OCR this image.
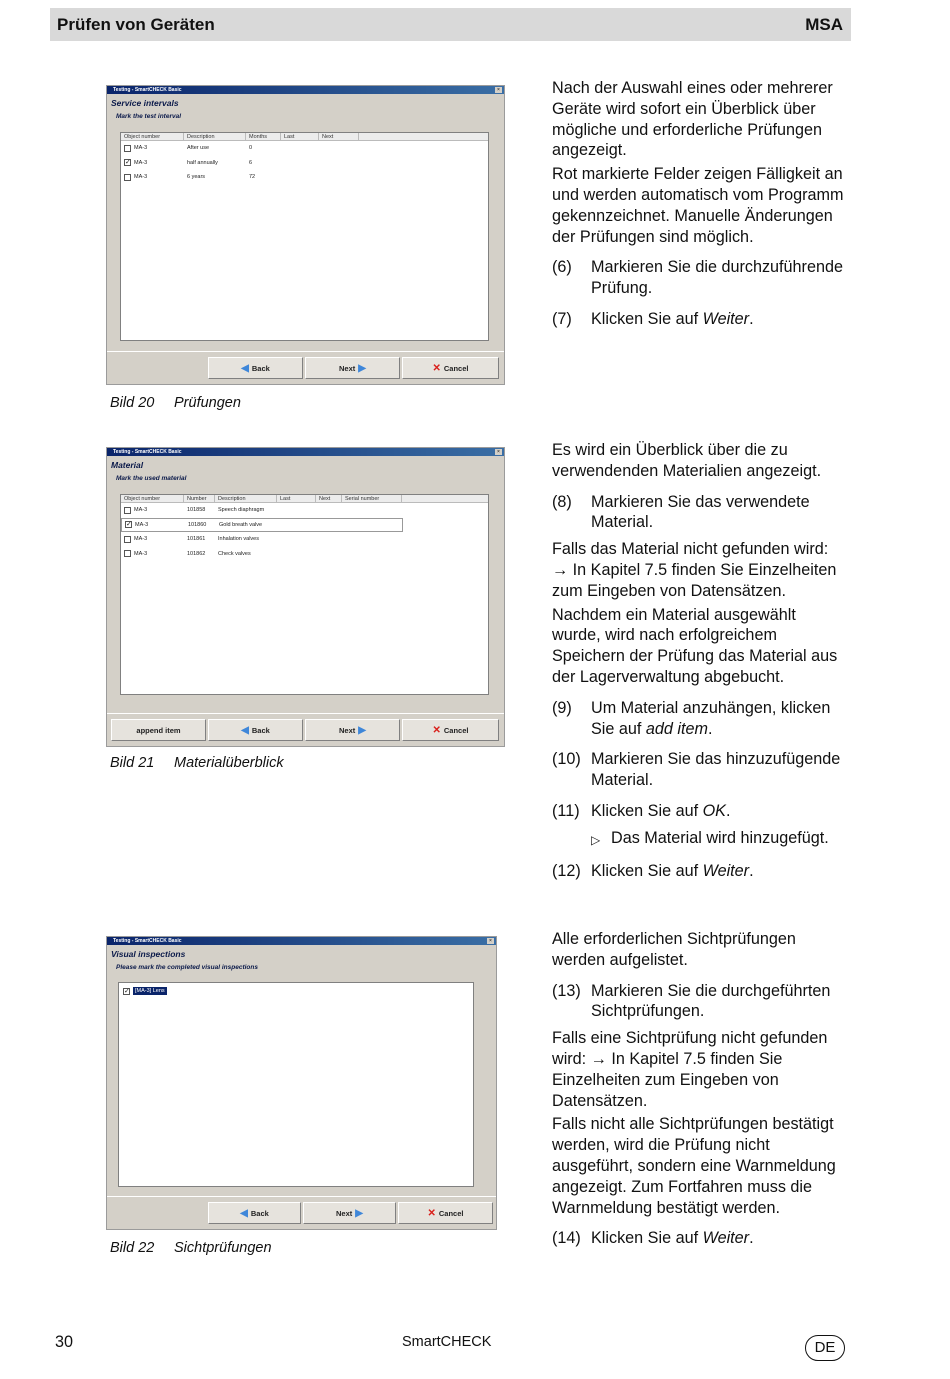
Prüfen von Geräten	MSA
Testing - SmartCHECK Basic	×
Service intervals
Mark the test interval
Object number	Description	Months	Last	Next
MA-3	After use	0
✓ MA-3	half annually	6
MA-3	6 years	72
◀ Back	Next ▶	✕ Cancel
Bild 20 Prüfungen

Nach der Auswahl eines oder mehrerer Geräte wird sofort ein Überblick über mögliche und erforderliche Prüfungen angezeigt.

Rot markierte Felder zeigen Fälligkeit an und werden automatisch vom Programm gekennzeichnet. Manuelle Änderungen der Prüfungen sind möglich.

(6)	Markieren Sie die durchzuführende Prüfung.
(7)	Klicken Sie auf Weiter.
Testing - SmartCHECK Basic	×
Material
Mark the used material
Object number	Number	Description	Last	Next	Serial number
MA-3	101858	Speech diaphragm
✓ MA-3	101860	Gold breath valve
MA-3	101861	Inhalation valves
MA-3	101862	Check valves
append item	◀ Back	Next ▶	✕ Cancel
Bild 21 Materialüberblick

Es wird ein Überblick über die zu verwendenden Materialien angezeigt.

(8)	Markieren Sie das verwendete Material.

Falls das Material nicht gefunden wird: → In Kapitel 7.5 finden Sie Einzelheiten zum Eingeben von Datensätzen.

Nachdem ein Material ausgewählt wurde, wird nach erfolgreichem Speichern der Prüfung das Material aus der Lagerverwaltung abgebucht.

(9)	Um Material anzuhängen, klicken Sie auf add item.
(10) Markieren Sie das hinzuzufügende Material.
(11) Klicken Sie auf OK.
▷ Das Material wird hinzugefügt.
(12) Klicken Sie auf Weiter.
Testing - SmartCHECK Basic	×
Visual inspections
Please mark the completed visual inspections
✓ [MA-3] Lens
◀ Back	Next ▶	✕ Cancel
Bild 22 Sichtprüfungen

Alle erforderlichen Sichtprüfungen werden aufgelistet.

(13) Markieren Sie die durchgeführten Sichtprüfungen.

Falls eine Sichtprüfung nicht gefunden wird: → In Kapitel 7.5 finden Sie Einzelheiten zum Eingeben von Datensätzen.

Falls nicht alle Sichtprüfungen bestätigt werden, wird die Prüfung nicht ausgeführt, sondern eine Warnmeldung angezeigt. Zum Fortfahren muss die Warnmeldung bestätigt werden.

(14) Klicken Sie auf Weiter.
30	SmartCHECK	DE
